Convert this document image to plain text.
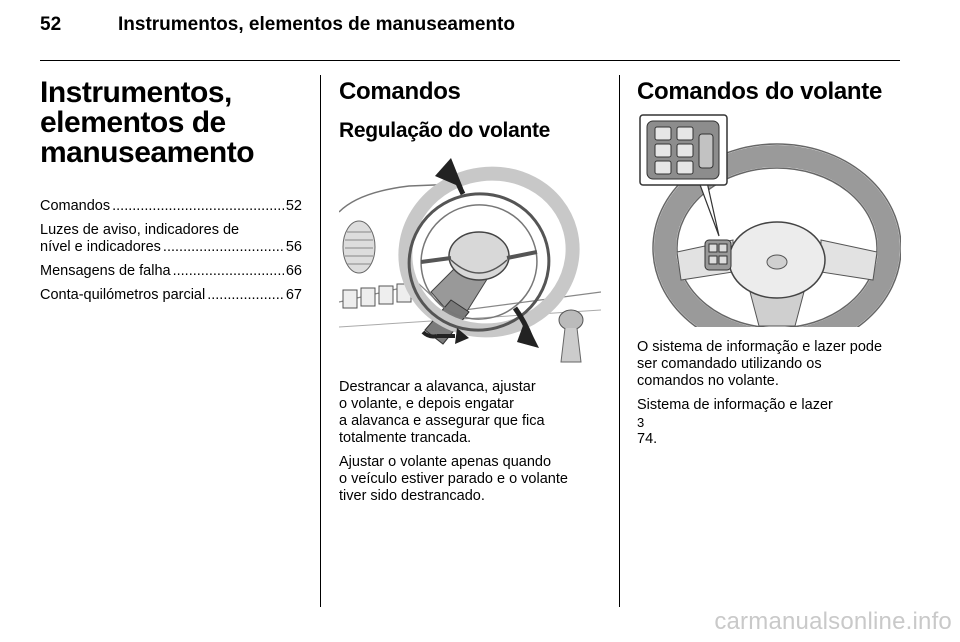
52	Instrumentos, elementos de manuseamento
Instrumentos,
elementos de
manuseamento
Comandos .....	52
Luzes de aviso, indicadores de
nível e indicadores .....	56
Mensagens de falha .....	66
Conta-quilómetros parcial .....	67
Comandos
Regulação do volante
Destrancar a alavanca, ajustar
o volante, e depois engatar
a alavanca e assegurar que fica
totalmente trancada.
Ajustar o volante apenas quando
o veículo estiver parado e o volante
tiver sido destrancado.
Comandos do volante
O sistema de informação e lazer pode
ser comandado utilizando os
comandos no volante.
Sistema de informação e lazer
3
74.
carmanualsonline.info
